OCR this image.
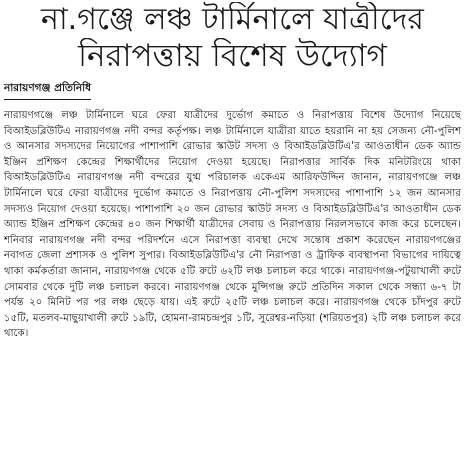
না.গঞ্জে লঞ্চ টার্মিনালে যাত্রীদের
নিরাপত্তায় বিশেষ উদ্যোগ
নারায়ণগঞ্জ প্রতিনিধি
নারায়ণগঞ্জে লঞ্চ টার্মিনালে ঘরে ফেরা যাত্রীদের দুর্ভোগ কমাতে ও নিরাপত্তায় বিশেষ উদ্যোগ নিয়েছে বিআইডব্লিউটিএ নারায়ণগঞ্জ নদী বন্দর কর্তৃপক্ষ। লঞ্চ টার্মিনালে যাত্রীরা যাতে হয়রানি না হয় সেজন্য নৌ-পুলিশ ও আনসার সদস্যদের নিয়োগের পাশাপাশি রোভার স্কাউট সদস্য ও বিআইডব্লিউটিএ'র আওতাধীন ডেক অ্যান্ড ইঞ্জিন প্রশিক্ষণ কেন্দ্রের শিক্ষার্থীদের নিয়োগ দেওয়া হয়েছে। নিরাপত্তার সার্বিক দিক মনিটরিংয়ে থাকা বিআইডব্লিউটিএ নারায়ণগঞ্জ নদী বন্দরের যুগ্ম পরিচালক একেএম আরিফউদ্দিন জানান, নারায়ণগঞ্জে লঞ্চ টার্মিনালে ঘরে ফেরা যাত্রীদের দুর্ভোগ কমাতে ও নিরাপত্তায় নৌ-পুলিশ সদস্যদের পাশাপাশি ১২ জন আনসার সদস্যও নিয়োগ দেওয়া হয়েছে। পাশাপাশি ২০ জন রোভার স্কাউট সদস্য ও বিআইডব্লিউটিএ'র আওতাধীন ডেক অ্যান্ড ইঞ্জিন প্রশিক্ষণ কেন্দ্রের ৪০ জন শিক্ষার্থী যাত্রীদের সেবায় ও নিরাপত্তায় নিরলসভাবে কাজ করে চলেছেন। শনিবার নারায়ণগঞ্জ নদী বন্দর পরিদর্শনে এসে নিরাপত্তা ব্যবস্থা দেখে সন্তোষ প্রকাশ করেছেন নারায়ণগঞ্জের নবাগত জেলা প্রশাসক ও পুলিশ সুপার। বিআইডব্লিউটিএ'র নৌ নিরাপত্তা ও ট্রাফিক ব্যবস্থাপনা বিভাগের দায়িত্বে থাকা কর্মকর্তারা জানান, নারায়ণগঞ্জ থেকে ৫টি রুটে ৬২টি লঞ্চ চলাচল করে থাকে। নারায়ণগঞ্জ-পটুয়াখালী রুটে সোমবার থেকে দুটি লঞ্চ চলাচল করবে। নারায়ণগঞ্জ থেকে মুন্সিগঞ্জ রুটে প্রতিদিন সকাল থেকে সন্ধ্যা ৬-৭ টা পর্যন্ত ২০ মিনিট পর পর লঞ্চ ছেড়ে যায়। এই রুটে ২৫টি লঞ্চ চলাচল করে। নারায়ণগঞ্জ থেকে চাঁদপুর রুটে ১৫টি, মতলব-মাছুয়াখালী রুটে ১৯টি, হোমনা-রামচন্দ্রপুর ১টি, সুরেশ্বর-নড়িয়া (শরিয়তপুর) ২টি লঞ্চ চলাচল করে থাকে।
